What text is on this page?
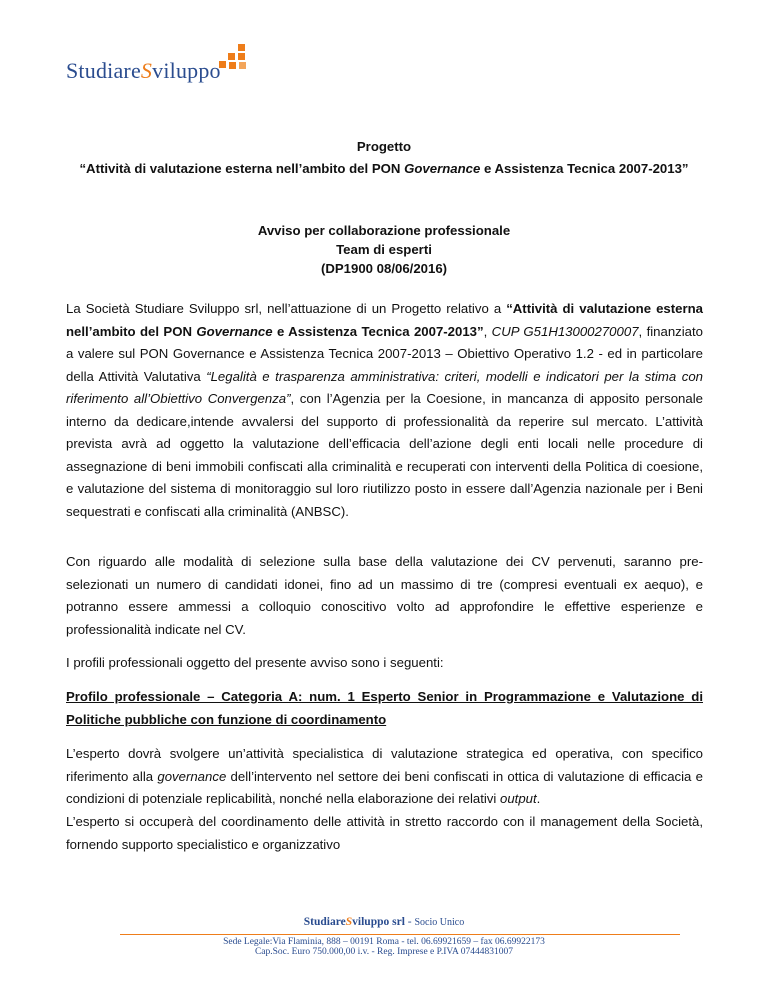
StudiareSviluppo
Progetto
“Attività di valutazione esterna nell’ambito del PON Governance e Assistenza Tecnica 2007-2013”
Avviso per collaborazione professionale
Team di esperti
(DP1900 08/06/2016)
La Società Studiare Sviluppo srl, nell’attuazione di un Progetto relativo a “Attività di valutazione esterna nell’ambito del PON Governance e Assistenza Tecnica 2007-2013”, CUP G51H13000270007, finanziato a valere sul PON Governance e Assistenza Tecnica 2007-2013 – Obiettivo Operativo 1.2 - ed in particolare della Attività Valutativa “Legalità e trasparenza amministrativa: criteri, modelli e indicatori per la stima con riferimento all’Obiettivo Convergenza”, con l’Agenzia per la Coesione, in mancanza di apposito personale interno da dedicare,intende avvalersi del supporto di professionalità da reperire sul mercato. L’attività prevista avrà ad oggetto la valutazione dell’efficacia dell’azione degli enti locali nelle procedure di assegnazione di beni immobili confiscati alla criminalità e recuperati con interventi della Politica di coesione, e valutazione del sistema di monitoraggio sul loro riutilizzo posto in essere dall’Agenzia nazionale per i Beni sequestrati e confiscati alla criminalità (ANBSC).
Con riguardo alle modalità di selezione sulla base della valutazione dei CV pervenuti, saranno pre-selezionati un numero di candidati idonei, fino ad un massimo di tre (compresi eventuali ex aequo), e potranno essere ammessi a colloquio conoscitivo volto ad approfondire le effettive esperienze e professionalità indicate nel CV.
I profili professionali oggetto del presente avviso sono i seguenti:
Profilo professionale – Categoria A: num. 1 Esperto Senior in Programmazione e Valutazione di Politiche pubbliche con funzione di coordinamento
L’esperto dovrà svolgere un’attività specialistica di valutazione strategica ed operativa, con specifico riferimento alla governance dell’intervento nel settore dei beni confiscati in ottica di valutazione di efficacia e condizioni di potenziale replicabilità, nonché nella elaborazione dei relativi output.
L’esperto si occuperà del coordinamento delle attività in stretto raccordo con il management della Società, fornendo supporto specialistico e organizzativo
StudiareSviluppo srl - Socio Unico
Sede Legale:Via Flaminia, 888 – 00191 Roma - tel. 06.69921659 – fax 06.69922173
Cap.Soc. Euro 750.000,00 i.v. - Reg. Imprese e P.IVA 07444831007
